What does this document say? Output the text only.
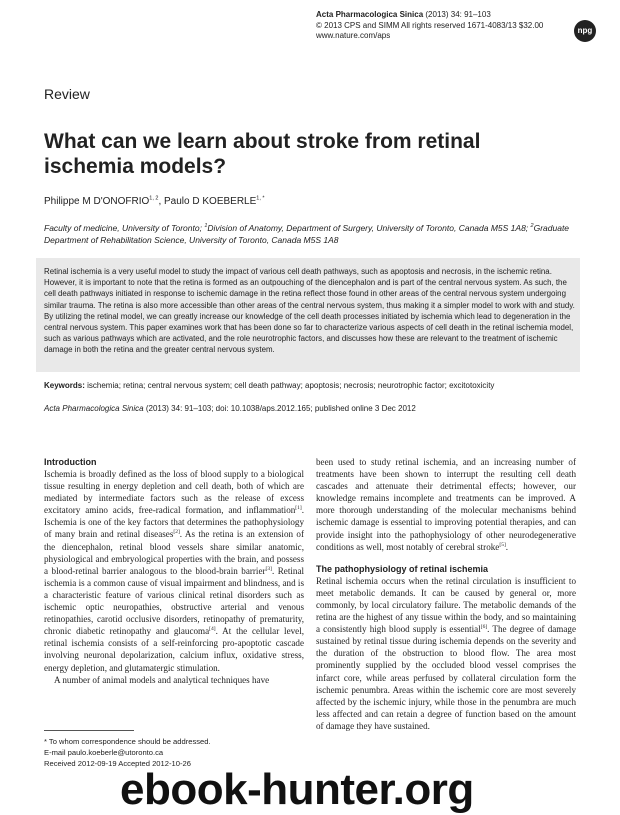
Acta Pharmacologica Sinica (2013) 34: 91–103
© 2013 CPS and SIMM All rights reserved 1671-4083/13 $32.00
www.nature.com/aps
npg
Review
What can we learn about stroke from retinal ischemia models?
Philippe M D'ONOFRIO$^{1, 2}$, Paulo D $KOEBERLE^{1, *}$
Faculty of medicine, University of Toronto; $^1$Division of Anatomy, Department of Surgery, University of Toronto, Canada M5S 1A8; $^2$Graduate Department of Rehabilitation Science, University of Toronto, Canada M5S 1A8

Retinal ischemia is a very useful model to study the impact of various cell death pathways, such as apoptosis and necrosis, in the ischemic retina. However, it is important to note that the retina is formed as an outpouching of the diencephalon and is part of the central nervous system. As such, the cell death pathways initiated in response to ischemic damage in the retina reflect those found in other areas of the central nervous system undergoing similar trauma. The retina is also more accessible than other areas of the central nervous system, thus making it a simpler model to work with and study. By utilizing the retinal model, we can greatly increase our knowledge of the cell death processes initiated by ischemia which lead to degeneration in the central nervous system. This paper examines work that has been done so far to characterize various aspects of cell death in the retinal ischemia model, such as various pathways which are activated, and the role neurotrophic factors, and discusses how these are relevant to the treatment of ischemic damage in both the retina and the greater central nervous system.

Keywords: ischemia; retina; central nervous system; cell death pathway; apoptosis; necrosis; neurotrophic factor; excitotoxicity
Acta Pharmacologica Sinica (2013) 34: 91–103; doi: 10.1038/aps.2012.165; published online 3 Dec 2012
Introduction

Ischemia is broadly defined as the loss of blood supply to a biological tissue resulting in energy depletion and cell death, both of which are mediated by intermediate factors such as the release of excess excitatory amino acids, free-radical formation, and inflammation[1]. Ischemia is one of the key factors that determines the pathophysiology of many brain and retinal diseases[2]. As the retina is an extension of the diencephalon, retinal blood vessels share similar anatomic, physiological and embryological properties with the brain, and possess a blood-retinal barrier analogous to the blood-brain barrier[3]. Retinal ischemia is a common cause of visual impairment and blindness, and is a characteristic feature of various clinical retinal disorders such as ischemic optic neuropathies, obstructive arterial and venous retinopathies, carotid occlusive disorders, retinopathy of prematurity, chronic diabetic retinopathy and glaucoma[4]. At the cellular level, retinal ischemia consists of a self-reinforcing pro-apoptotic cascade involving neuronal depolarization, calcium influx, oxidative stress, energy depletion, and glutamatergic stimulation.

A number of animal models and analytical techniques have

been used to study retinal ischemia, and an increasing number of treatments have been shown to interrupt the resulting cell death cascades and attenuate their detrimental effects; however, our knowledge remains incomplete and treatments can be improved. A more thorough understanding of the molecular mechanisms behind ischemic damage is essential to improving potential therapies, and can provide insight into the pathophysiology of other neurodegenerative conditions as well, most notably of cerebral stroke[5].

The pathophysiology of retinal ischemia

Retinal ischemia occurs when the retinal circulation is insufficient to meet metabolic demands. It can be caused by general or, more commonly, by local circulatory failure. The metabolic demands of the retina are the highest of any tissue within the body, and so maintaining a consistently high blood supply is essential[6]. The degree of damage sustained by retinal tissue during ischemia depends on the severity and the duration of the obstruction to blood flow. The area most prominently supplied by the occluded blood vessel comprises the infarct core, while areas perfused by collateral circulation form the ischemic penumbra. Areas within the ischemic core are most severely affected by the ischemic injury, while those in the penumbra are much less affected and can retain a degree of function based on the amount of damage they have sustained.

* To whom correspondence should be addressed.
E-mail paulo.koeberle@utoronto.ca
Received 2012-09-19 Accepted 2012-10-26
ebook-hunter.org
